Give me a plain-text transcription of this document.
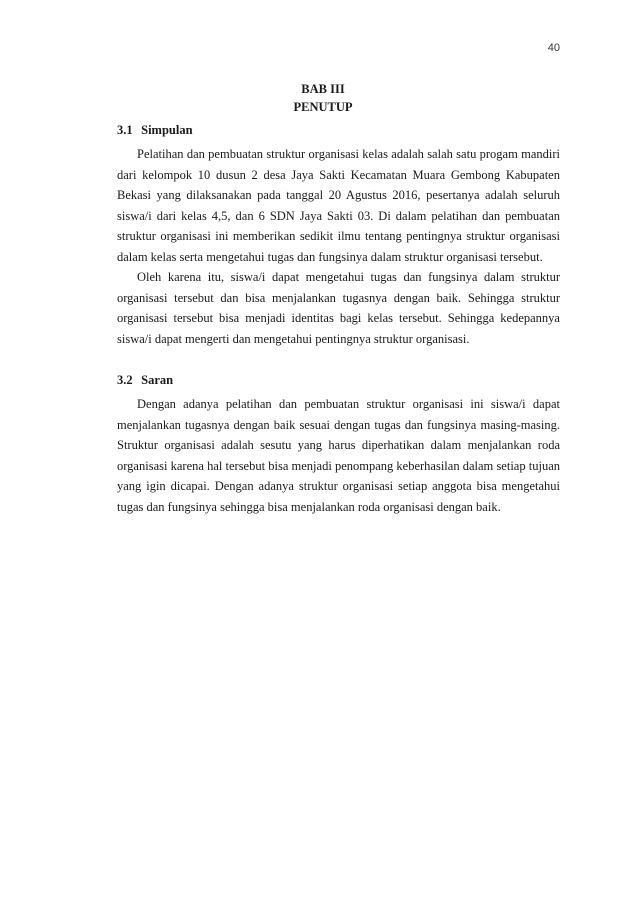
40
BAB III
PENUTUP
3.1 Simpulan

Pelatihan dan pembuatan struktur organisasi kelas adalah salah satu progam mandiri dari kelompok 10 dusun 2 desa Jaya Sakti Kecamatan Muara Gembong Kabupaten Bekasi yang dilaksanakan pada tanggal 20 Agustus 2016, pesertanya adalah seluruh siswa/i dari kelas 4,5, dan 6 SDN Jaya Sakti 03. Di dalam pelatihan dan pembuatan struktur organisasi ini memberikan sedikit ilmu tentang pentingnya struktur organisasi dalam kelas serta mengetahui tugas dan fungsinya dalam struktur organisasi tersebut.

Oleh karena itu, siswa/i dapat mengetahui tugas dan fungsinya dalam struktur organisasi tersebut dan bisa menjalankan tugasnya dengan baik. Sehingga struktur organisasi tersebut bisa menjadi identitas bagi kelas tersebut. Sehingga kedepannya siswa/i dapat mengerti dan mengetahui pentingnya struktur organisasi.

3.2 Saran

Dengan adanya pelatihan dan pembuatan struktur organisasi ini siswa/i dapat menjalankan tugasnya dengan baik sesuai dengan tugas dan fungsinya masing-masing. Struktur organisasi adalah sesutu yang harus diperhatikan dalam menjalankan roda organisasi karena hal tersebut bisa menjadi penompang keberhasilan dalam setiap tujuan yang igin dicapai. Dengan adanya struktur organisasi setiap anggota bisa mengetahui tugas dan fungsinya sehingga bisa menjalankan roda organisasi dengan baik.
